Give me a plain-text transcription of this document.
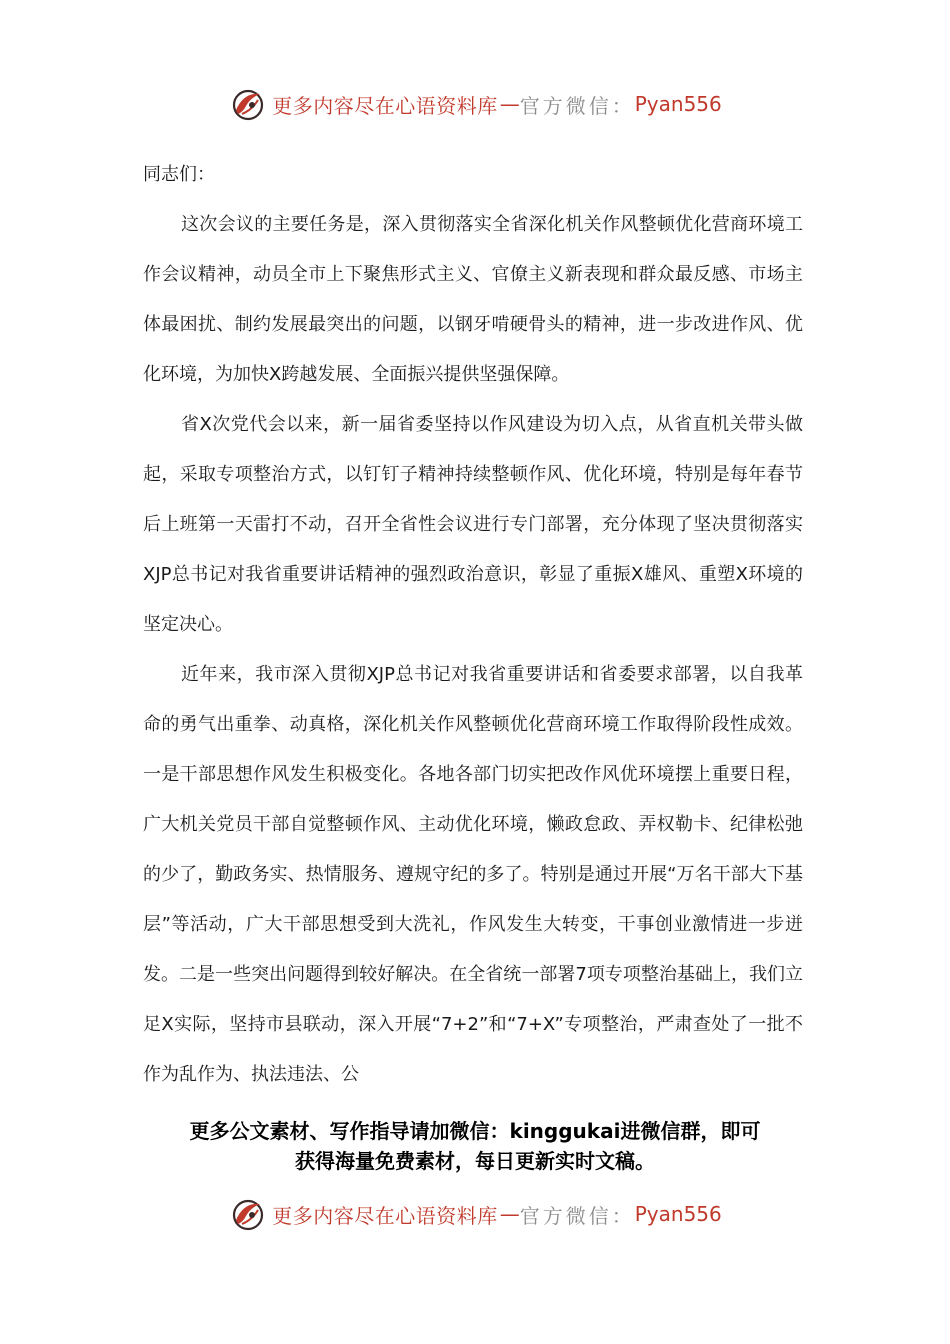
更多内容尽在心语资料库 — 官方微信： Pyan556

同志们：

这次会议的主要任务是，深入贯彻落实全省深化机关作风整顿优化营商环境工作会议精神，动员全市上下聚焦形式主义、官僚主义新表现和群众最反感、市场主体最困扰、制约发展最突出的问题，以钢牙啃硬骨头的精神，进一步改进作风、优化环境，为加快X跨越发展、全面振兴提供坚强保障。

省X次党代会以来，新一届省委坚持以作风建设为切入点，从省直机关带头做起，采取专项整治方式，以钉钉子精神持续整顿作风、优化环境，特别是每年春节后上班第一天雷打不动，召开全省性会议进行专门部署，充分体现了坚决贯彻落实XJP总书记对我省重要讲话精神的强烈政治意识，彰显了重振X雄风、重塑X环境的坚定决心。

近年来，我市深入贯彻XJP总书记对我省重要讲话和省委要求部署，以自我革命的勇气出重拳、动真格，深化机关作风整顿优化营商环境工作取得阶段性成效。一是干部思想作风发生积极变化。各地各部门切实把改作风优环境摆上重要日程，广大机关党员干部自觉整顿作风、主动优化环境，懒政怠政、弄权勒卡、纪律松弛的少了，勤政务实、热情服务、遵规守纪的多了。特别是通过开展“万名干部大下基层”等活动，广大干部思想受到大洗礼，作风发生大转变，干事创业激情进一步迸发。二是一些突出问题得到较好解决。在全省统一部署7项专项整治基础上，我们立足X实际，坚持市县联动，深入开展“7+2”和“7+X”专项整治，严肃查处了一批不作为乱作为、执法违法、公

更多公文素材、写作指导请加微信：kinggukai进微信群，即可
获得海量免费素材，每日更新实时文稿。
更多内容尽在心语资料库 — 官方微信： Pyan556
